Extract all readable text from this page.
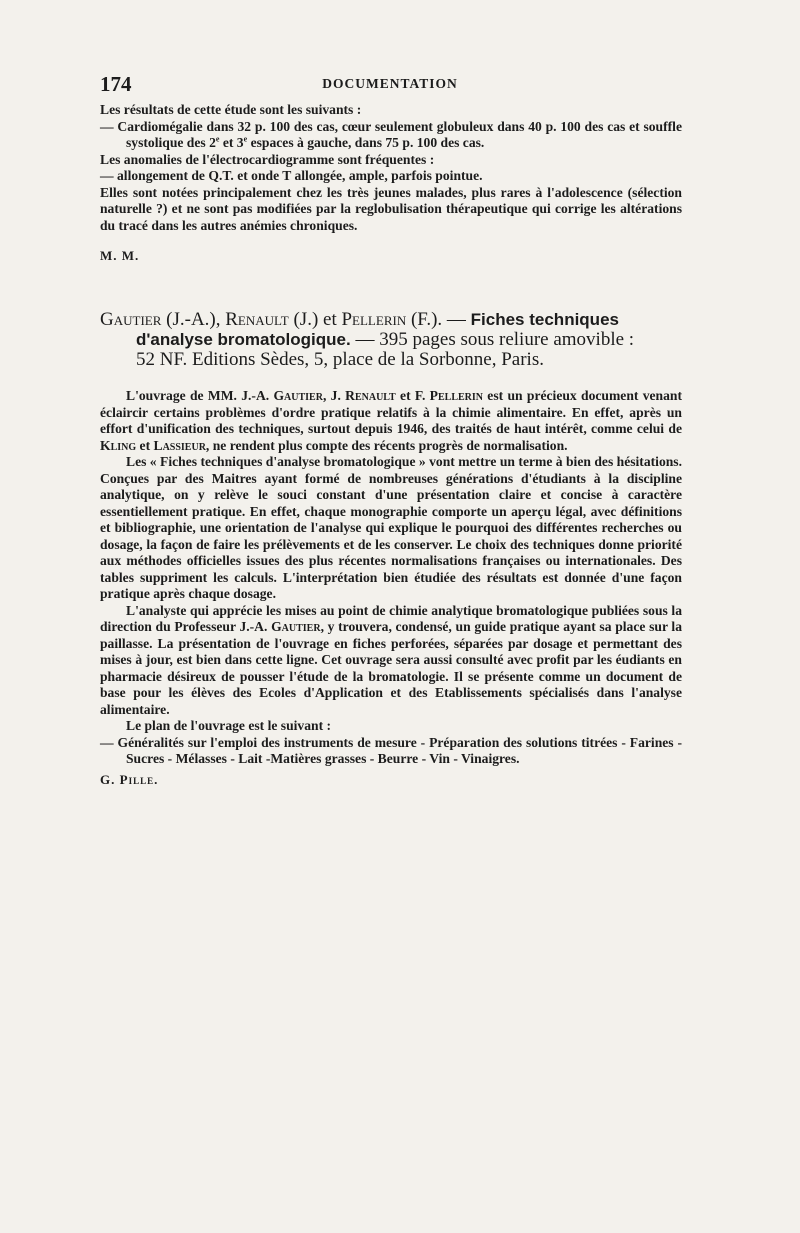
174	DOCUMENTATION

Les résultats de cette étude sont les suivants :

— Cardiomégalie dans 32 p. 100 des cas, cœur seulement globuleux dans 40 p. 100 des cas et souffle systolique des 2e et 3e espaces à gauche, dans 75 p. 100 des cas.

Les anomalies de l'électrocardiogramme sont fréquentes :

— allongement de Q.T. et onde T allongée, ample, parfois pointue.

Elles sont notées principalement chez les très jeunes malades, plus rares à l'adolescence (sélection naturelle ?) et ne sont pas modifiées par la reglobulisation thérapeutique qui corrige les altérations du tracé dans les autres anémies chroniques.

M. M.

Gautier (J.-A.), Renault (J.) et Pellerin (F.). — Fiches techniques
d'analyse bromatologique. — 395 pages sous reliure amovible :
52 NF. Editions Sèdes, 5, place de la Sorbonne, Paris.

L'ouvrage de MM. J.-A. Gautier, J. Renault et F. Pellerin est un précieux document venant éclaircir certains problèmes d'ordre pratique relatifs à la chimie alimentaire. En effet, après un effort d'unification des techniques, surtout depuis 1946, des traités de haut intérêt, comme celui de Kling et Lassieur, ne rendent plus compte des récents progrès de normalisation.

Les « Fiches techniques d'analyse bromatologique » vont mettre un terme à bien des hésitations. Conçues par des Maitres ayant formé de nombreuses générations d'étudiants à la discipline analytique, on y relève le souci constant d'une présentation claire et concise à caractère essentiellement pratique. En effet, chaque monographie comporte un aperçu légal, avec définitions et bibliographie, une orientation de l'analyse qui explique le pourquoi des différentes recherches ou dosage, la façon de faire les prélèvements et de les conserver. Le choix des techniques donne priorité aux méthodes officielles issues des plus récentes normalisations françaises ou internationales. Des tables suppriment les calculs. L'interprétation bien étudiée des résultats est donnée d'une façon pratique après chaque dosage.

L'analyste qui apprécie les mises au point de chimie analytique bromatologique publiées sous la direction du Professeur J.-A. Gautier, y trouvera, condensé, un guide pratique ayant sa place sur la paillasse. La présentation de l'ouvrage en fiches perforées, séparées par dosage et permettant des mises à jour, est bien dans cette ligne. Cet ouvrage sera aussi consulté avec profit par les éudiants en pharmacie désireux de pousser l'étude de la bromatologie. Il se présente comme un document de base pour les élèves des Ecoles d'Application et des Etablissements spécialisés dans l'analyse alimentaire.

Le plan de l'ouvrage est le suivant :

— Généralités sur l'emploi des instruments de mesure - Préparation des solutions titrées - Farines - Sucres - Mélasses - Lait -Matières grasses - Beurre - Vin - Vinaigres.

G. Pille.
